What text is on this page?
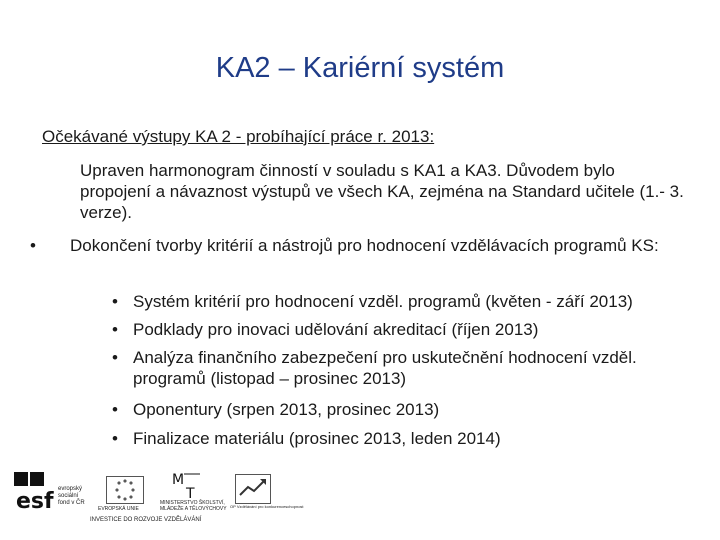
KA2 – Kariérní systém
Očekávané výstupy KA 2 - probíhající práce r. 2013:
Upraven harmonogram činností v souladu s KA1 a KA3. Důvodem bylo propojení a návaznost výstupů ve všech KA, zejména na Standard učitele (1.- 3. verze).
• Dokončení tvorby kritérií a nástrojů pro hodnocení vzdělávacích programů KS:
• Systém kritérií pro hodnocení vzděl. programů (květen - září 2013)
• Podklady pro inovaci udělování akreditací (říjen 2013)
• Analýza finančního zabezpečení pro uskutečnění hodnocení vzděl. programů (listopad – prosinec 2013)
• Oponentury (srpen 2013, prosinec 2013)
• Finalizace materiálu (prosinec 2013, leden 2014)
esf evropský
sociální
fond v ČR
EVROPSKÁ UNIE
M
T
MINISTERSTVO ŠKOLSTVÍ,
MLÁDEŽE A TĚLOVÝCHOVY OP Vzdělávání pro konkurenceschopnost
INVESTICE DO ROZVOJE VZDĚLÁVÁNÍ
